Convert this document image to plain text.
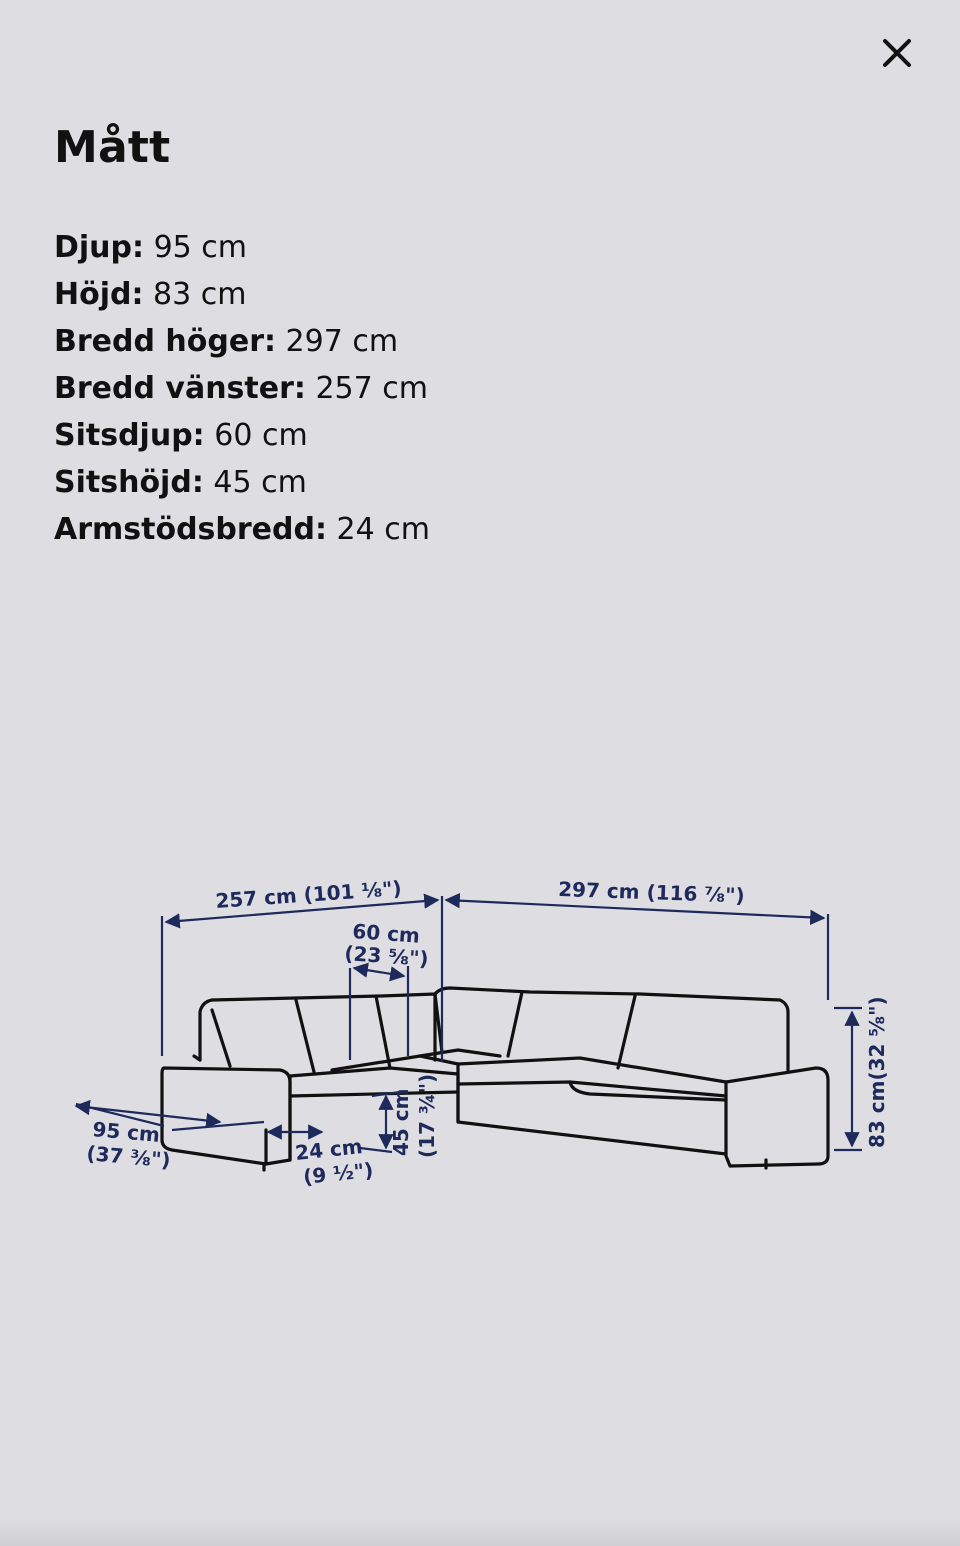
Mått
Djup: 95 cm
Höjd: 83 cm
Bredd höger: 297 cm
Bredd vänster: 257 cm
Sitsdjup: 60 cm
Sitshöjd: 45 cm
Armstödsbredd: 24 cm
257 cm (101 ⅛")	297 cm (116 ⅞")
60 cm
(23 ⅝")
95 cm
(37 ⅜")	24 cm
(9 ½")
45 cm (17 ¾")	83 cm(32 ⅝")
